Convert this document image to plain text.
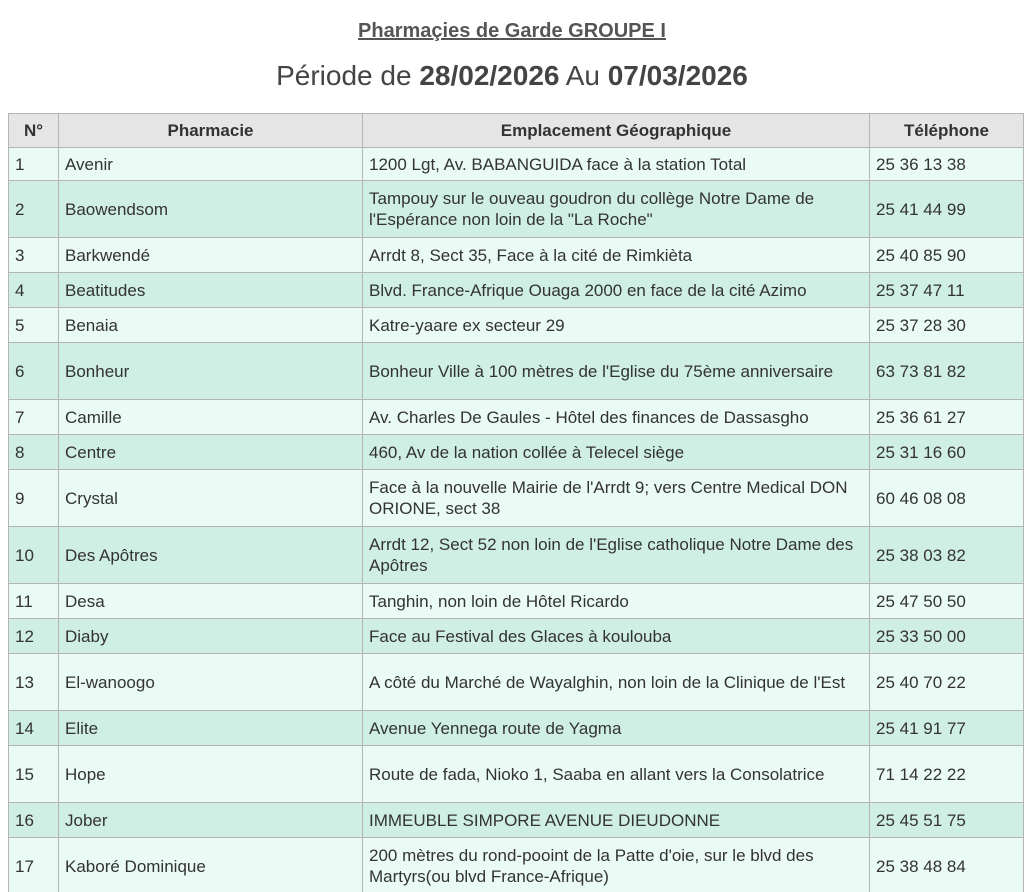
Pharmaçies de Garde GROUPE I
Période de 28/02/2026 Au 07/03/2026
N°	Pharmacie	Emplacement Géographique	Téléphone
1	Avenir	1200 Lgt, Av. BABANGUIDA face à la station Total	25 36 13 38
2	Baowendsom	Tampouy sur le ouveau goudron du collège Notre Dame de l'Espérance non loin de la "La Roche"	25 41 44 99
3	Barkwendé	Arrdt 8, Sect 35, Face à la cité de Rimkièta	25 40 85 90
4	Beatitudes	Blvd. France-Afrique Ouaga 2000 en face de la cité Azimo	25 37 47 11
5	Benaia	Katre-yaare ex secteur 29	25 37 28 30
6	Bonheur	Bonheur Ville à 100 mètres de l'Eglise du 75ème anniversaire	63 73 81 82
7	Camille	Av. Charles De Gaules - Hôtel des finances de Dassasgho	25 36 61 27
8	Centre	460, Av de la nation collée à Telecel siège	25 31 16 60
9	Crystal	Face à la nouvelle Mairie de l'Arrdt 9; vers Centre Medical DON ORIONE, sect 38	60 46 08 08
10	Des Apôtres	Arrdt 12, Sect 52 non loin de l'Eglise catholique Notre Dame des Apôtres	25 38 03 82
11	Desa	Tanghin, non loin de Hôtel Ricardo	25 47 50 50
12	Diaby	Face au Festival des Glaces à koulouba	25 33 50 00
13	El-wanoogo	A côté du Marché de Wayalghin, non loin de la Clinique de l'Est	25 40 70 22
14	Elite	Avenue Yennega route de Yagma	25 41 91 77
15	Hope	Route de fada, Nioko 1, Saaba en allant vers la Consolatrice	71 14 22 22
16	Jober	IMMEUBLE SIMPORE AVENUE DIEUDONNE	25 45 51 75
17	Kaboré Dominique	200 mètres du rond-pooint de la Patte d'oie, sur le blvd des Martyrs(ou blvd France-Afrique)	25 38 48 84
